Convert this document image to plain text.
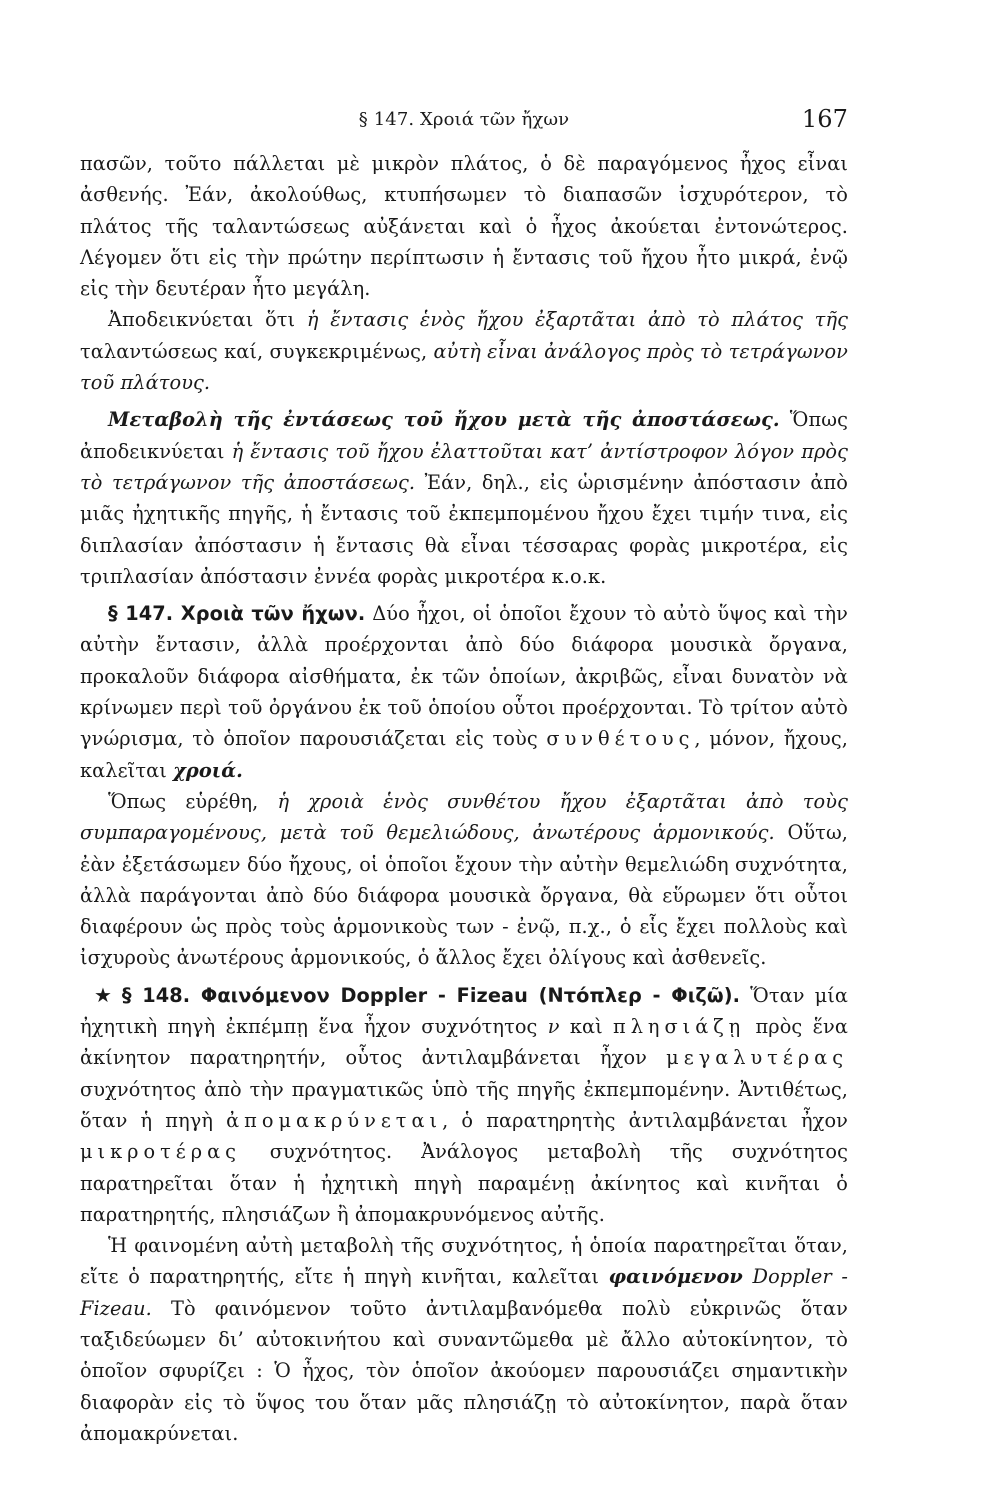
§ 147. Χροιά τῶν ἤχων	167

πασῶν, τοῦτο πάλλεται μὲ μικρὸν πλάτος, ὁ δὲ παραγόμενος ἦχος εἶναι ἀσθενής. Ἐάν, ἀκολούθως, κτυπήσωμεν τὸ διαπασῶν ἰσχυρότερον, τὸ πλάτος τῆς ταλαντώσεως αὐξάνεται καὶ ὁ ἦχος ἀκούεται ἐντονώτερος. Λέγομεν ὅτι εἰς τὴν πρώτην περίπτωσιν ἡ ἔντασις τοῦ ἤχου ἦτο μικρά, ἐνῷ εἰς τὴν δευτέραν ἦτο μεγάλη.

Ἀποδεικνύεται ὅτι ἡ ἔντασις ἑνὸς ἤχου ἐξαρτᾶται ἀπὸ τὸ πλάτος τῆς ταλαντώσεως καί, συγκεκριμένως, αὐτὴ εἶναι ἀνάλογος πρὸς τὸ τετράγωνον τοῦ πλάτους.

Μεταβολὴ τῆς ἐντάσεως τοῦ ἤχου μετὰ τῆς ἀποστάσεως. Ὅπως ἀποδεικνύεται ἡ ἔντασις τοῦ ἤχου ἐλαττοῦται κατ’ ἀντίστροφον λόγον πρὸς τὸ τετράγωνον τῆς ἀποστάσεως. Ἐάν, δηλ., εἰς ὡρισμένην ἀπόστασιν ἀπὸ μιᾶς ἠχητικῆς πηγῆς, ἡ ἔντασις τοῦ ἐκπεμπομένου ἤχου ἔχει τιμήν τινα, εἰς διπλασίαν ἀπόστασιν ἡ ἔντασις θὰ εἶναι τέσσαρας φορὰς μικροτέρα, εἰς τριπλασίαν ἀπόστασιν ἐννέα φορὰς μικροτέρα κ.ο.κ.

§ 147. Χροιὰ τῶν ἤχων. Δύο ἦχοι, οἱ ὁποῖοι ἔχουν τὸ αὐτὸ ὕψος καὶ τὴν αὐτὴν ἔντασιν, ἀλλὰ προέρχονται ἀπὸ δύο διάφορα μουσικὰ ὄργανα, προκαλοῦν διάφορα αἰσθήματα, ἐκ τῶν ὁποίων, ἀκριβῶς, εἶναι δυνατὸν νὰ κρίνωμεν περὶ τοῦ ὀργάνου ἐκ τοῦ ὁποίου οὗτοι προέρχονται. Τὸ τρίτον αὐτὸ γνώρισμα, τὸ ὁποῖον παρουσιάζεται εἰς τοὺς συνθέτους, μόνον, ἤχους, καλεῖται χροιά.

Ὅπως εὑρέθη, ἡ χροιὰ ἑνὸς συνθέτου ἤχου ἐξαρτᾶται ἀπὸ τοὺς συμπαραγομένους, μετὰ τοῦ θεμελιώδους, ἀνωτέρους ἁρμονικούς. Οὕτω, ἐὰν ἐξετάσωμεν δύο ἤχους, οἱ ὁποῖοι ἔχουν τὴν αὐτὴν θεμελιώδη συχνότητα, ἀλλὰ παράγονται ἀπὸ δύο διάφορα μουσικὰ ὄργανα, θὰ εὕρωμεν ὅτι οὗτοι διαφέρουν ὡς πρὸς τοὺς ἁρμονικοὺς των - ἐνῷ, π.χ., ὁ εἷς ἔχει πολλοὺς καὶ ἰσχυροὺς ἀνωτέρους ἁρμονικούς, ὁ ἄλλος ἔχει ὀλίγους καὶ ἀσθενεῖς.

★ § 148. Φαινόμενον Doppler - Fizeau (Ντόπλερ - Φιζῶ). Ὅταν μία ἠχητικὴ πηγὴ ἐκπέμπῃ ἕνα ἦχον συχνότητος ν καὶ πλησιάζῃ πρὸς ἕνα ἀκίνητον παρατηρητήν, οὗτος ἀντιλαμβάνεται ἦχον μεγαλυτέρας συχνότητος ἀπὸ τὴν πραγματικῶς ὑπὸ τῆς πηγῆς ἐκπεμπομένην. Ἀντιθέτως, ὅταν ἡ πηγὴ ἀπομακρύνεται, ὁ παρατηρητὴς ἀντιλαμβάνεται ἦχον μικροτέρας συχνότητος. Ἀνάλογος μεταβολὴ τῆς συχνότητος παρατηρεῖται ὅταν ἡ ἠχητικὴ πηγὴ παραμένῃ ἀκίνητος καὶ κινῆται ὁ παρατηρητής, πλησιάζων ἢ ἀπομακρυνόμενος αὐτῆς.

Ἡ φαινομένη αὐτὴ μεταβολὴ τῆς συχνότητος, ἡ ὁποία παρατηρεῖται ὅταν, εἴτε ὁ παρατηρητής, εἴτε ἡ πηγὴ κινῆται, καλεῖται φαινόμενον Doppler - Fizeau. Τὸ φαινόμενον τοῦτο ἀντιλαμβανόμεθα πολὺ εὐκρινῶς ὅταν ταξιδεύωμεν δι’ αὐτοκινήτου καὶ συναντῶμεθα μὲ ἄλλο αὐτοκίνητον, τὸ ὁποῖον σφυρίζει : Ὁ ἦχος, τὸν ὁποῖον ἀκούομεν παρουσιάζει σημαντικὴν διαφορὰν εἰς τὸ ὕψος του ὅταν μᾶς πλησιάζῃ τὸ αὐτοκίνητον, παρὰ ὅταν ἀπομακρύνεται.
